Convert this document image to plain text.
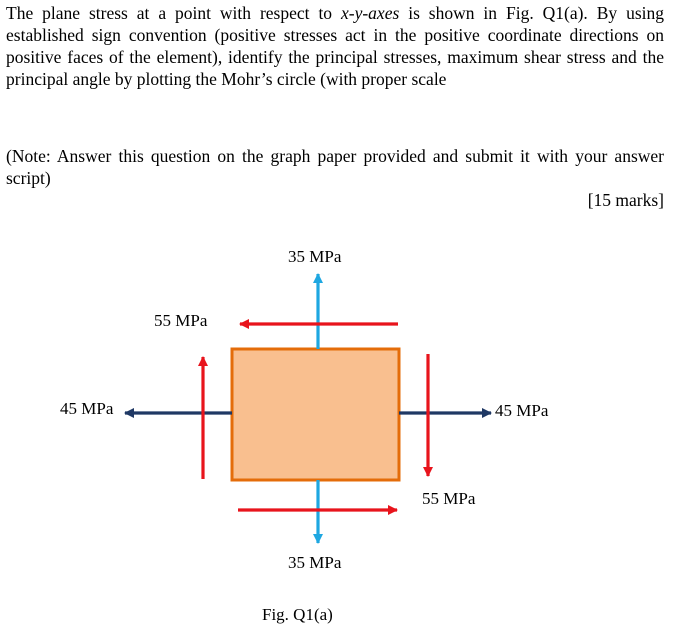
The plane stress at a point with respect to x-y-axes is shown in Fig. Q1(a). By using established sign convention (positive stresses act in the positive coordinate directions on positive faces of the element), identify the principal stresses, maximum shear stress and the principal angle by plotting the Mohr’s circle (with proper scale

(Note: Answer this question on the graph paper provided and submit it with your answer script)

[15 marks]
35 MPa
35 MPa
45 MPa	45 MPa
55 MPa
55 MPa
Fig. Q1(a)
